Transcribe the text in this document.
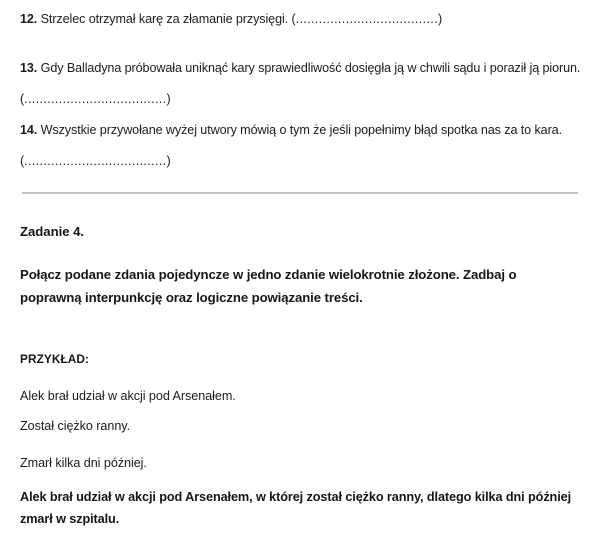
12. Strzelec otrzymał karę za złamanie przysięgi. (.....................................)

13. Gdy Balladyna próbowała uniknąć kary sprawiedliwość dosięgła ją w chwili sądu i poraził ją piorun. (.....................................)

14. Wszystkie przywołane wyżej utwory mówią o tym że jeśli popełnimy błąd spotka nas za to kara. (.....................................)

Zadanie 4.
Połącz podane zdania pojedyncze w jedno zdanie wielokrotnie złożone. Zadbaj o poprawną interpunkcję oraz logiczne powiązanie treści.
PRZYKŁAD:
Alek brał udział w akcji pod Arsenałem.
Został ciężko ranny.
Zmarł kilka dni później.
Alek brał udział w akcji pod Arsenałem, w której został ciężko ranny, dlatego kilka dni później zmarł w szpitalu.
